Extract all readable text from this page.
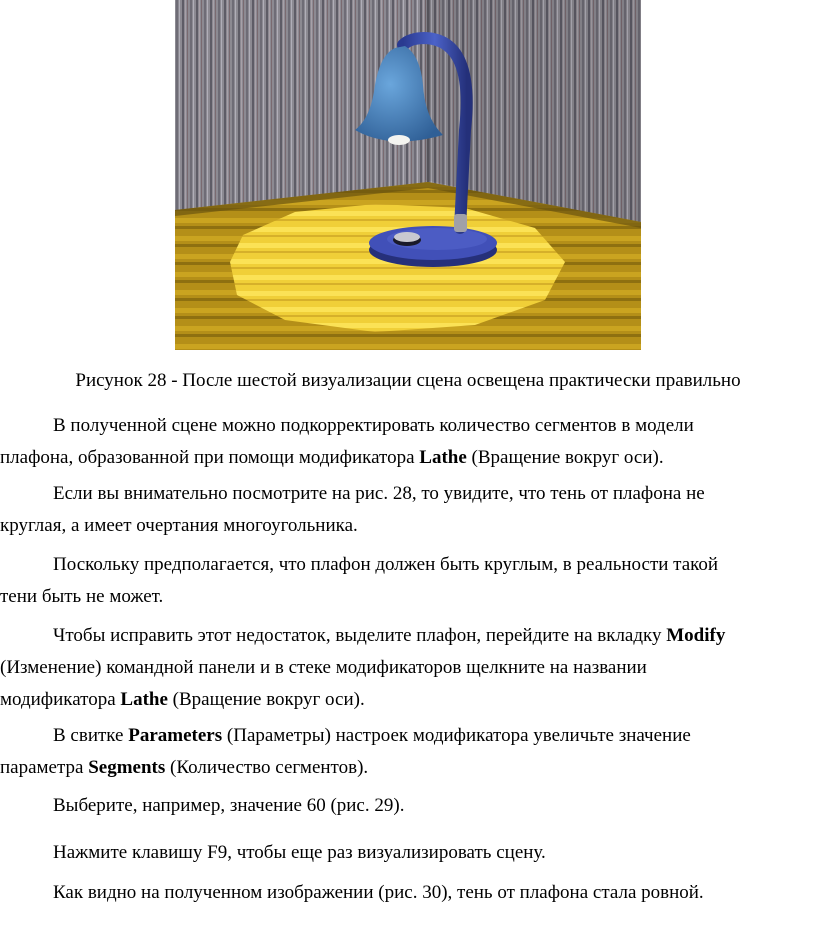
Рисунок 28 - После шестой визуализации сцена освещена практически правильно
В полученной сцене можно подкорректировать количество сегментов в модели
плафона, образованной при помощи модификатора Lathe (Вращение вокруг оси).
Если вы внимательно посмотрите на рис. 28, то увидите, что тень от плафона не
круглая, а имеет очертания многоугольника.
Поскольку предполагается, что плафон должен быть круглым, в реальности такой
тени быть не может.
Чтобы исправить этот недостаток, выделите плафон, перейдите на вкладку Modify
(Изменение) командной панели и в стеке модификаторов щелкните на названии
модификатора Lathe (Вращение вокруг оси).
В свитке Parameters (Параметры) настроек модификатора увеличьте значение
параметра Segments (Количество сегментов).
Выберите, например, значение 60 (рис. 29).
Нажмите клавишу F9, чтобы еще раз визуализировать сцену.
Как видно на полученном изображении (рис. 30), тень от плафона стала ровной.
